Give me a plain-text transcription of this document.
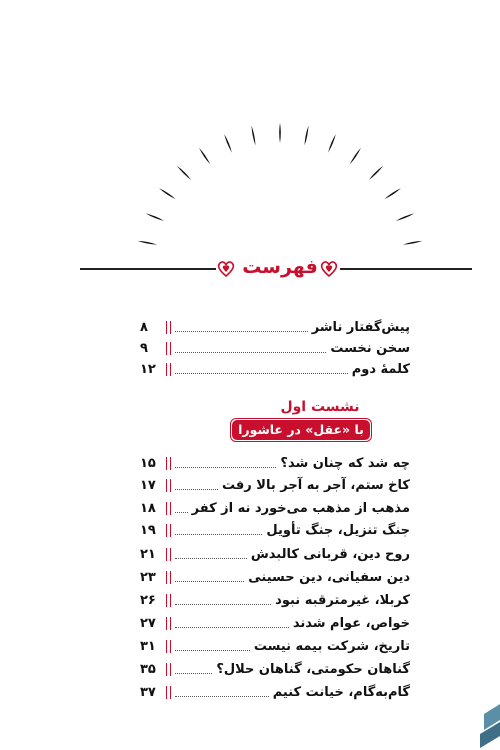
فهرست
۸	پیش‌گفتار ناشر
۹	سخن نخست
۱۲	کلمهٔ دوم
نشست اول
با «عقل» در عاشورا
۱۵	چه شد که چنان شد؟
۱۷	کاخ ستم، آجر به آجر بالا رفت
۱۸	مذهب از مذهب می‌خورد نه از کفر
۱۹	جنگ تنزیل، جنگ تأویل
۲۱	روح دین، قربانی کالبدش
۲۳	دین سفیانی، دین حسینی
۲۶	کربلا، غیرمترقبه نبود
۲۷	خواص، عوام شدند
۳۱	تاریخ، شرکت بیمه نیست
۳۵	گناهان حکومتی، گناهان حلال؟
۳۷	گام‌به‌گام، خیانت کنیم
